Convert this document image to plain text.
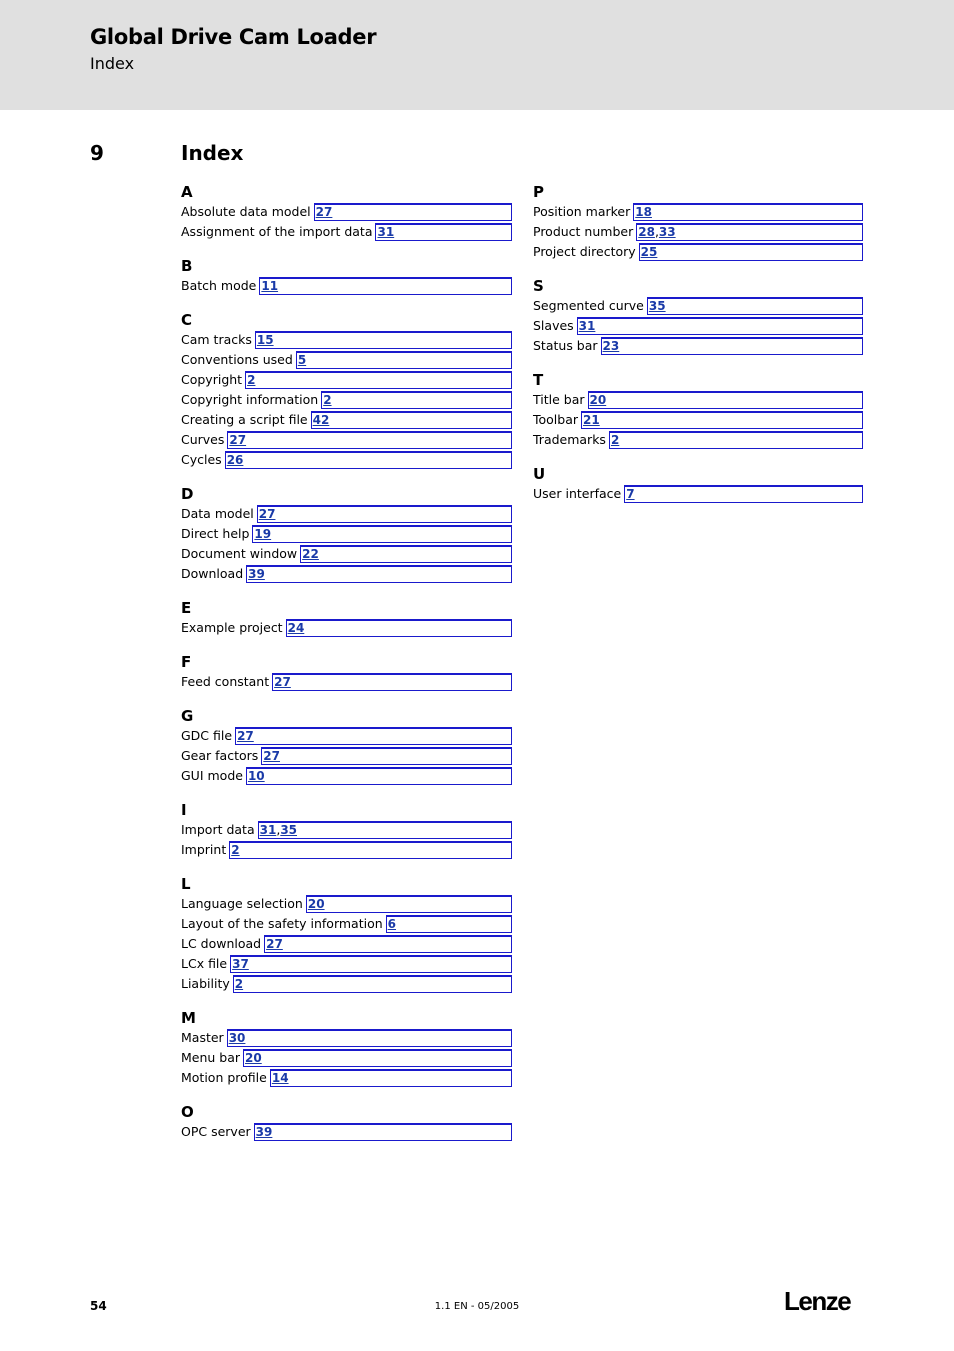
Global Drive Cam Loader
Index
9	Index
A
Absolute data model 27
Assignment of the import data 31
B
Batch mode 11
C
Cam tracks 15
Conventions used 5
Copyright 2
Copyright information 2
Creating a script file 42
Curves 27
Cycles 26
D
Data model 27
Direct help 19
Document window 22
Download 39
E
Example project 24
F
Feed constant 27
G
GDC file 27
Gear factors 27
GUI mode 10
I
Import data 31,35
Imprint 2
L
Language selection 20
Layout of the safety information 6
LC download 27
LCx file 37
Liability 2
M
Master 30
Menu bar 20
Motion profile 14
O
OPC server 39
P
Position marker 18
Product number 28,33
Project directory 25
S
Segmented curve 35
Slaves 31
Status bar 23
T
Title bar 20
Toolbar 21
Trademarks 2
U
User interface 7
54	1.1 EN - 05/2005	Lenze
